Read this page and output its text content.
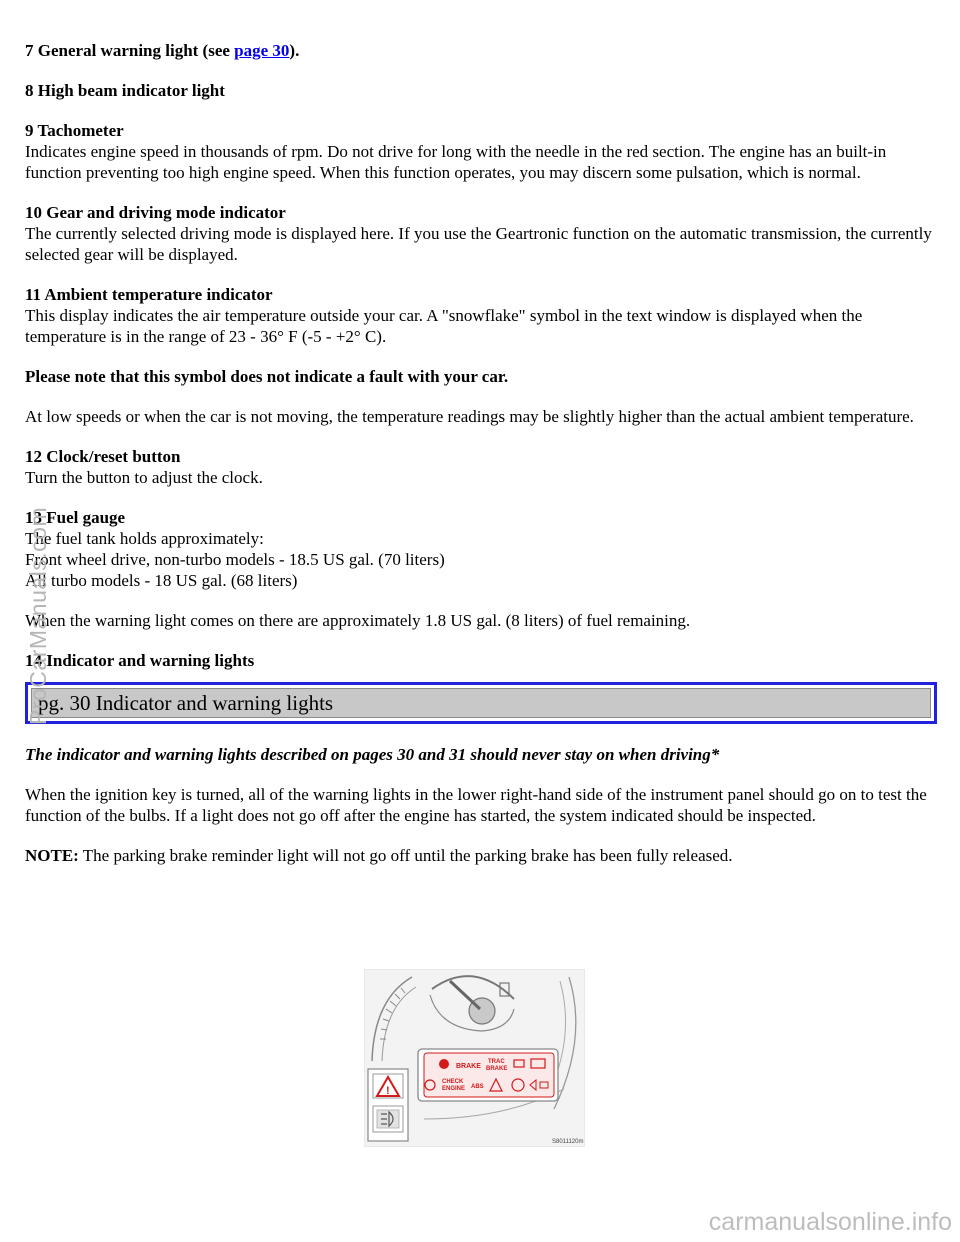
7 General warning light (see page 30).

8 High beam indicator light
9 Tachometer
Indicates engine speed in thousands of rpm. Do not drive for long with the needle in the red section. The engine has an built-in function preventing too high engine speed. When this function operates, you may discern some pulsation, which is normal.
10 Gear and driving mode indicator
The currently selected driving mode is displayed here. If you use the Geartronic function on the automatic transmission, the currently selected gear will be displayed.
11 Ambient temperature indicator
This display indicates the air temperature outside your car. A "snowflake" symbol in the text window is displayed when the temperature is in the range of 23 - 36° F (-5 - +2° C).

Please note that this symbol does not indicate a fault with your car.

At low speeds or when the car is not moving, the temperature readings may be slightly higher than the actual ambient temperature.

12 Clock/reset button
Turn the button to adjust the clock.
13 Fuel gauge
The fuel tank holds approximately:
Front wheel drive, non-turbo models - 18.5 US gal. (70 liters)
All turbo models - 18 US gal. (68 liters)

When the warning light comes on there are approximately 1.8 US gal. (8 liters) of fuel remaining.

14 Indicator and warning lights
pg. 30 Indicator and warning lights

The indicator and warning lights described on pages 30 and 31 should never stay on when driving*

When the ignition key is turned, all of the warning lights in the lower right-hand side of the instrument panel should go on to test the function of the bulbs. If a light does not go off after the engine has started, the system indicated should be inspected.

NOTE: The parking brake reminder light will not go off until the parking brake has been fully released.

BRAKE
TRAC
BRAKE
CHECK
ENGINE ABS
!
S8011120m
ProCarManuals.com
carmanualsonline.info
